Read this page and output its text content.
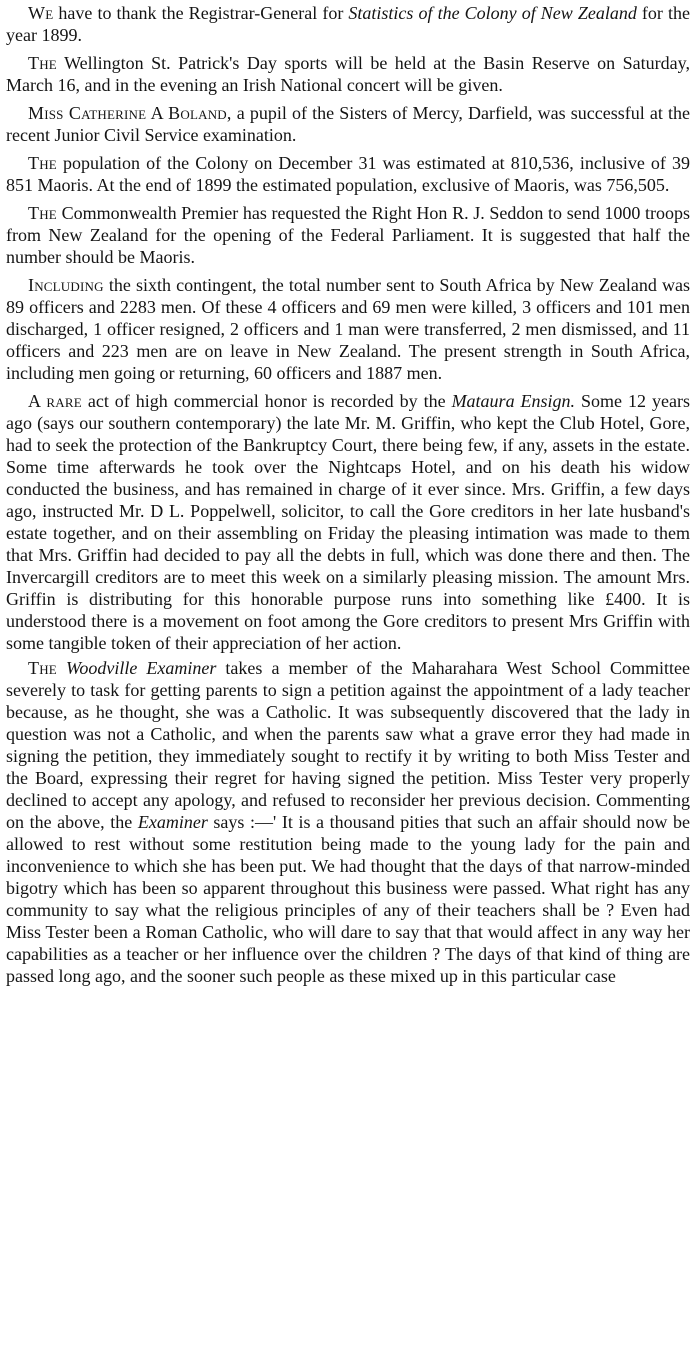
We have to thank the Registrar-General for Statistics of the Colony of New Zealand for the year 1899.

The Wellington St. Patrick's Day sports will be held at the Basin Reserve on Saturday, March 16, and in the evening an Irish National concert will be given.

Miss Catherine A Boland, a pupil of the Sisters of Mercy, Darfield, was successful at the recent Junior Civil Service examination.

The population of the Colony on December 31 was estimated at 810,536, inclusive of 39 851 Maoris. At the end of 1899 the estimated population, exclusive of Maoris, was 756,505.

The Commonwealth Premier has requested the Right Hon R. J. Seddon to send 1000 troops from New Zealand for the opening of the Federal Parliament. It is suggested that half the number should be Maoris.

Including the sixth contingent, the total number sent to South Africa by New Zealand was 89 officers and 2283 men. Of these 4 officers and 69 men were killed, 3 officers and 101 men discharged, 1 officer resigned, 2 officers and 1 man were transferred, 2 men dismissed, and 11 officers and 223 men are on leave in New Zealand. The present strength in South Africa, including men going or returning, 60 officers and 1887 men.

A rare act of high commercial honor is recorded by the Mataura Ensign. Some 12 years ago (says our southern contemporary) the late Mr. M. Griffin, who kept the Club Hotel, Gore, had to seek the protection of the Bankruptcy Court, there being few, if any, assets in the estate. Some time afterwards he took over the Nightcaps Hotel, and on his death his widow conducted the business, and has remained in charge of it ever since. Mrs. Griffin, a few days ago, instructed Mr. D L. Poppelwell, solicitor, to call the Gore creditors in her late husband's estate together, and on their assembling on Friday the pleasing intimation was made to them that Mrs. Griffin had decided to pay all the debts in full, which was done there and then. The Invercargill creditors are to meet this week on a similarly pleasing mission. The amount Mrs. Griffin is distributing for this honorable purpose runs into something like £400. It is understood there is a movement on foot among the Gore creditors to present Mrs Griffin with some tangible token of their appreciation of her action.

The Woodville Examiner takes a member of the Maharahara West School Committee severely to task for getting parents to sign a petition against the appointment of a lady teacher because, as he thought, she was a Catholic. It was subsequently discovered that the lady in question was not a Catholic, and when the parents saw what a grave error they had made in signing the petition, they immediately sought to rectify it by writing to both Miss Tester and the Board, expressing their regret for having signed the petition. Miss Tester very properly declined to accept any apology, and refused to reconsider her previous decision. Commenting on the above, the Examiner says :—' It is a thousand pities that such an affair should now be allowed to rest without some restitution being made to the young lady for the pain and inconvenience to which she has been put. We had thought that the days of that narrow-minded bigotry which has been so apparent throughout this business were passed. What right has any community to say what the religious principles of any of their teachers shall be ? Even had Miss Tester been a Roman Catholic, who will dare to say that that would affect in any way her capabilities as a teacher or her influence over the children ? The days of that kind of thing are passed long ago, and the sooner such people as these mixed up in this particular case
